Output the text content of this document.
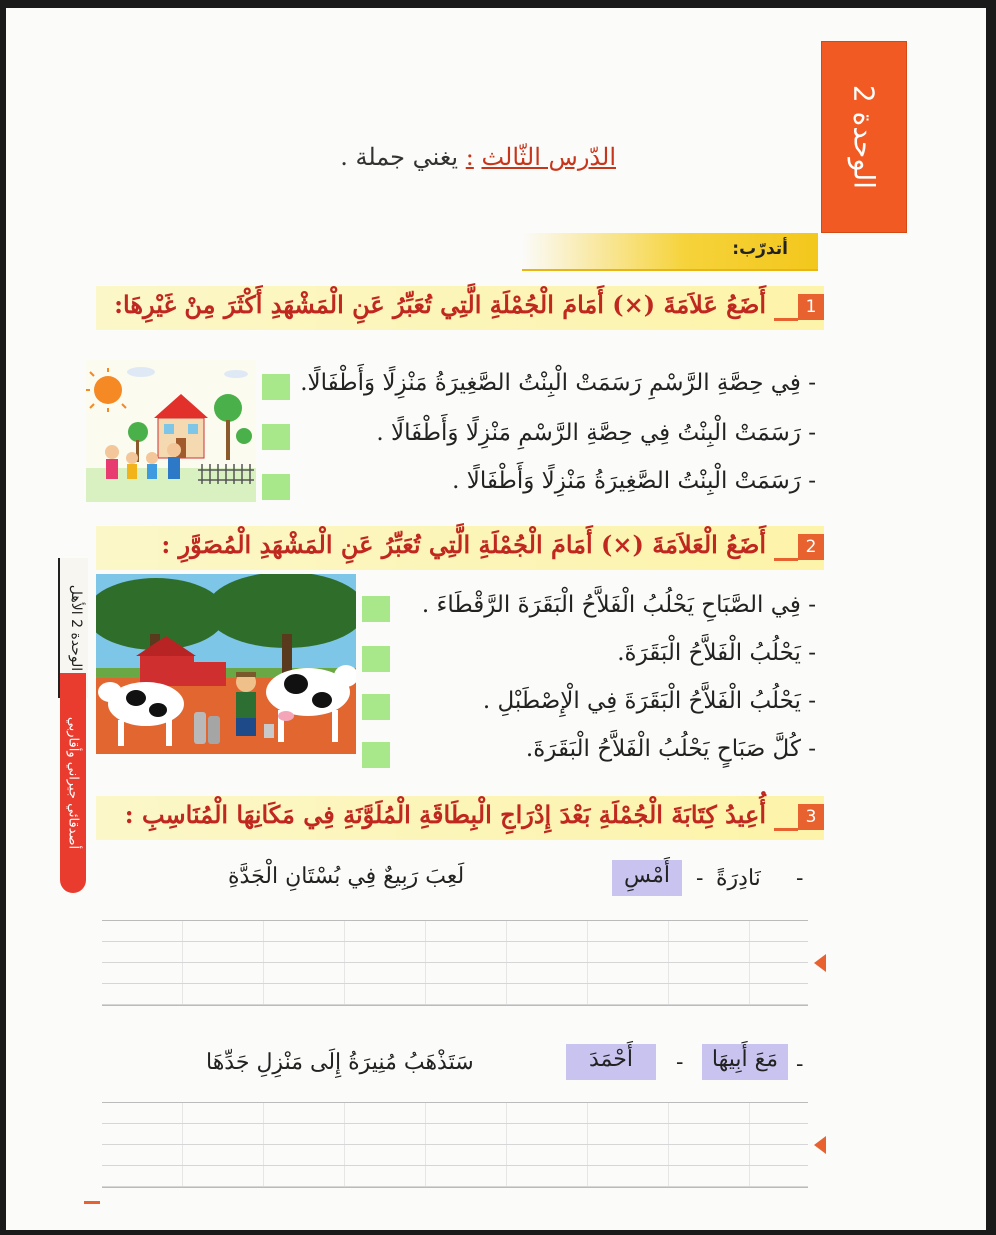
الوحدة 2
الوحدة 2 الأهل
أصدقائي جيراني وأقاربي
الدّرس الثّالث : يغني جملة .
أتدرّب:
1
أَضَعُ عَلاَمَةَ (×) أَمَامَ الْجُمْلَةِ الَّتِي تُعَبِّرُ عَنِ الْمَشْهَدِ أَكْثَرَ مِنْ غَيْرِهَا:
- فِي حِصَّةِ الرَّسْمِ رَسَمَتْ الْبِنْتُ الصَّغِيرَةُ مَنْزِلًا وَأَطْفَالًا.
- رَسَمَتْ الْبِنْتُ فِي حِصَّةِ الرَّسْمِ مَنْزِلًا وَأَطْفَالًا .
- رَسَمَتْ الْبِنْتُ الصَّغِيرَةُ مَنْزِلًا وَأَطْفَالًا .
2
أَضَعُ الْعَلاَمَةَ (×) أَمَامَ الْجُمْلَةِ الَّتِي تُعَبِّرُ عَنِ الْمَشْهَدِ الْمُصَوَّرِ :
- فِي الصَّبَاحِ يَحْلُبُ الْفَلاَّحُ الْبَقَرَةَ الرَّقْطَاءَ .
- يَحْلُبُ الْفَلاَّحُ الْبَقَرَةَ.
- يَحْلُبُ الْفَلاَّحُ الْبَقَرَةَ فِي الْإِصْطَبْلِ .
- كُلَّ صَبَاحٍ يَحْلُبُ الْفَلاَّحُ الْبَقَرَةَ.
3
أُعِيدُ كِتَابَةَ الْجُمْلَةِ بَعْدَ إِدْرَاجِ الْبِطَاقَةِ الْمُلَوَّنَةِ فِي مَكَانِهَا الْمُنَاسِبِ :
-
نَادِرَةً
-
أَمْسِ
لَعِبَ رَبِيعٌ فِي بُسْتَانِ الْجَدَّةِ
-
مَعَ أَبِيهَا
-
أَحْمَدَ
سَتَذْهَبُ مُنِيرَةُ إِلَى مَنْزِلِ جَدِّهَا
